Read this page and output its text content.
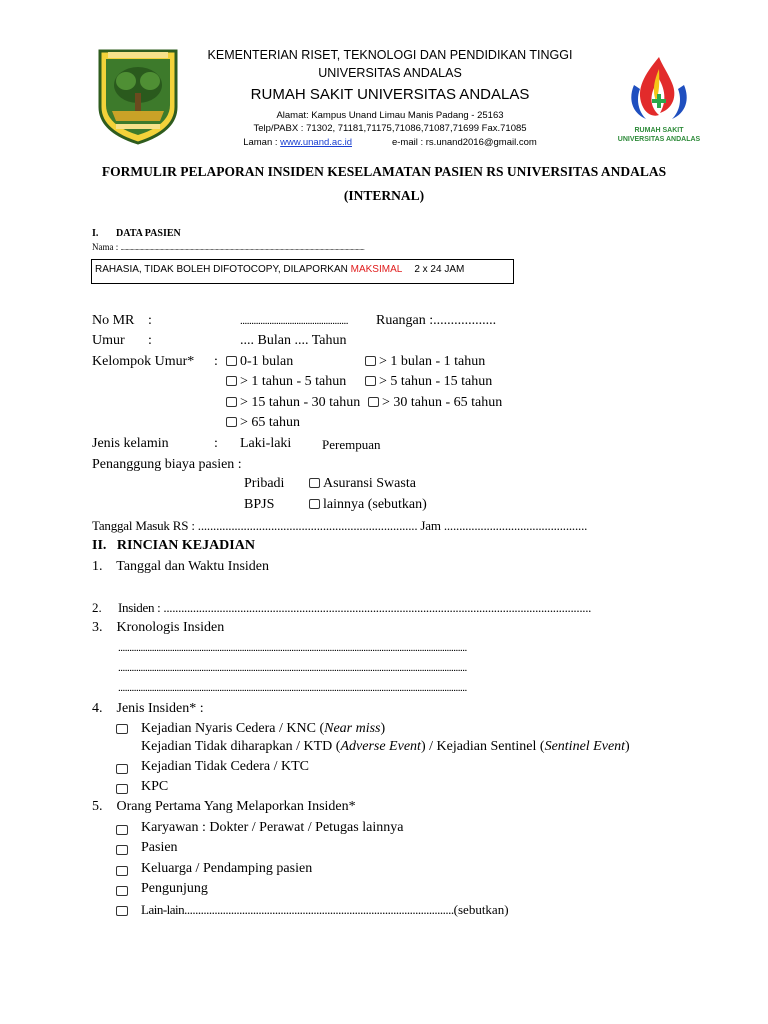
RUMAH SAKIT
UNIVERSITAS ANDALAS
KEMENTERIAN RISET, TEKNOLOGI DAN PENDIDIKAN TINGGI
UNIVERSITAS ANDALAS
RUMAH SAKIT UNIVERSITAS ANDALAS
Alamat: Kampus Unand Limau Manis Padang - 25163
Telp/PABX : 71302, 71181,71175,71086,71087,71699 Fax.71085
Laman : www.unand.ac.id	e-mail : rs.unand2016@gmail.com
FORMULIR PELAPORAN INSIDEN KESELAMATAN PASIEN RS UNIVERSITAS ANDALAS
(INTERNAL)
I. DATA PASIEN
Nama : ...................................................................................................................................................................................................
RAHASIA, TIDAK BOLEH DIFOTOCOPY, DILAPORKAN MAKSIMAL 2 x 24 JAM
No MR :	................................................ Ruangan :..................
Umur :	.... Bulan .... Tahun
Kelompok Umur* :	0-1 bulan	> 1 bulan - 1 tahun
> 1 tahun - 5 tahun	> 5 tahun - 15 tahun
> 15 tahun - 30 tahun	> 30 tahun - 65 tahun
> 65 tahun
Jenis kelamin	: Laki-laki Perempuan
Penanggung biaya pasien :
Pribadi	Asuransi Swasta
BPJS	lainnya (sebutkan)
Tanggal Masuk RS : ........................................................................ Jam ...............................................
II.   RINCIAN KEJADIAN
1.    Tanggal dan Waktu Insiden
2. Insiden : .................................................................................................................................................
3.    Kronologis Insiden
...........................................................................................................................................................
...........................................................................................................................................................
...........................................................................................................................................................
4.    Jenis Insiden* :
Kejadian Nyaris Cedera / KNC (Near miss)
Kejadian Tidak diharapkan / KTD (Adverse Event) / Kejadian Sentinel (Sentinel Event)
Kejadian Tidak Cedera / KTC
KPC
5.    Orang Pertama Yang Melaporkan Insiden*
Karyawan : Dokter / Perawat / Petugas lainnya
Pasien
Keluarga / Pendamping pasien
Pengunjung
Lain-lain..................................................................................................(sebutkan)
